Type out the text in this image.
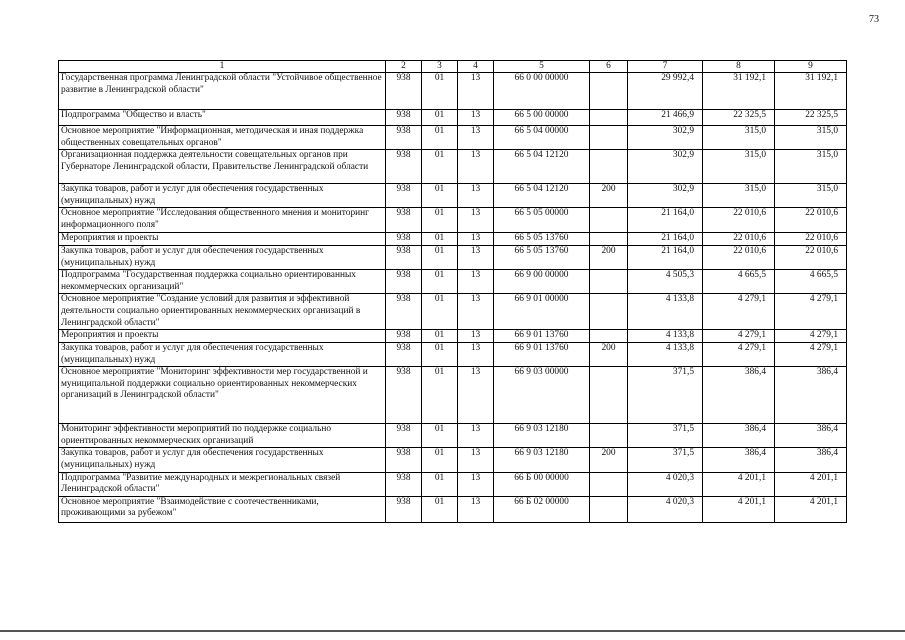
73
1	2	3	4	5	6	7	8	9
Государственная программа Ленинградской области "Устойчивое общественное развитие в Ленинградской области"	938	01	13	66 0 00 00000		29 992,4	31 192,1	31 192,1
Подпрограмма "Общество и власть"	938	01	13	66 5 00 00000		21 466,9	22 325,5	22 325,5
Основное мероприятие "Информационная, методическая и иная поддержка общественных совещательных органов"	938	01	13	66 5 04 00000		302,9	315,0	315,0
Организационная поддержка деятельности совещательных органов при Губернаторе Ленинградской области, Правительстве Ленинградской области	938	01	13	66 5 04 12120		302,9	315,0	315,0
Закупка товаров, работ и услуг для обеспечения государственных (муниципальных) нужд	938	01	13	66 5 04 12120	200	302,9	315,0	315,0
Основное мероприятие "Исследования общественного мнения и мониторинг информационного поля"	938	01	13	66 5 05 00000		21 164,0	22 010,6	22 010,6
Мероприятия и проекты	938	01	13	66 5 05 13760		21 164,0	22 010,6	22 010,6
Закупка товаров, работ и услуг для обеспечения государственных (муниципальных) нужд	938	01	13	66 5 05 13760	200	21 164,0	22 010,6	22 010,6
Подпрограмма "Государственная поддержка социально ориентированных некоммерческих организаций"	938	01	13	66 9 00 00000		4 505,3	4 665,5	4 665,5
Основное мероприятие "Создание условий для развития и эффективной деятельности социально ориентированных некоммерческих организаций в Ленинградской области"	938	01	13	66 9 01 00000		4 133,8	4 279,1	4 279,1
Мероприятия и проекты	938	01	13	66 9 01 13760		4 133,8	4 279,1	4 279,1
Закупка товаров, работ и услуг для обеспечения государственных (муниципальных) нужд	938	01	13	66 9 01 13760	200	4 133,8	4 279,1	4 279,1
Основное мероприятие "Мониторинг эффективности мер государственной и муниципальной поддержки социально ориентированных некоммерческих организаций в Ленинградской области"	938	01	13	66 9 03 00000		371,5	386,4	386,4
Мониторинг эффективности мероприятий по поддержке социально ориентированных некоммерческих организаций	938	01	13	66 9 03 12180		371,5	386,4	386,4
Закупка товаров, работ и услуг для обеспечения государственных (муниципальных) нужд	938	01	13	66 9 03 12180	200	371,5	386,4	386,4
Подпрограмма "Развитие международных и межрегиональных связей Ленинградской области"	938	01	13	66 Б 00 00000		4 020,3	4 201,1	4 201,1
Основное мероприятие "Взаимодействие с соотечественниками, проживающими за рубежом"	938	01	13	66 Б 02 00000		4 020,3	4 201,1	4 201,1
